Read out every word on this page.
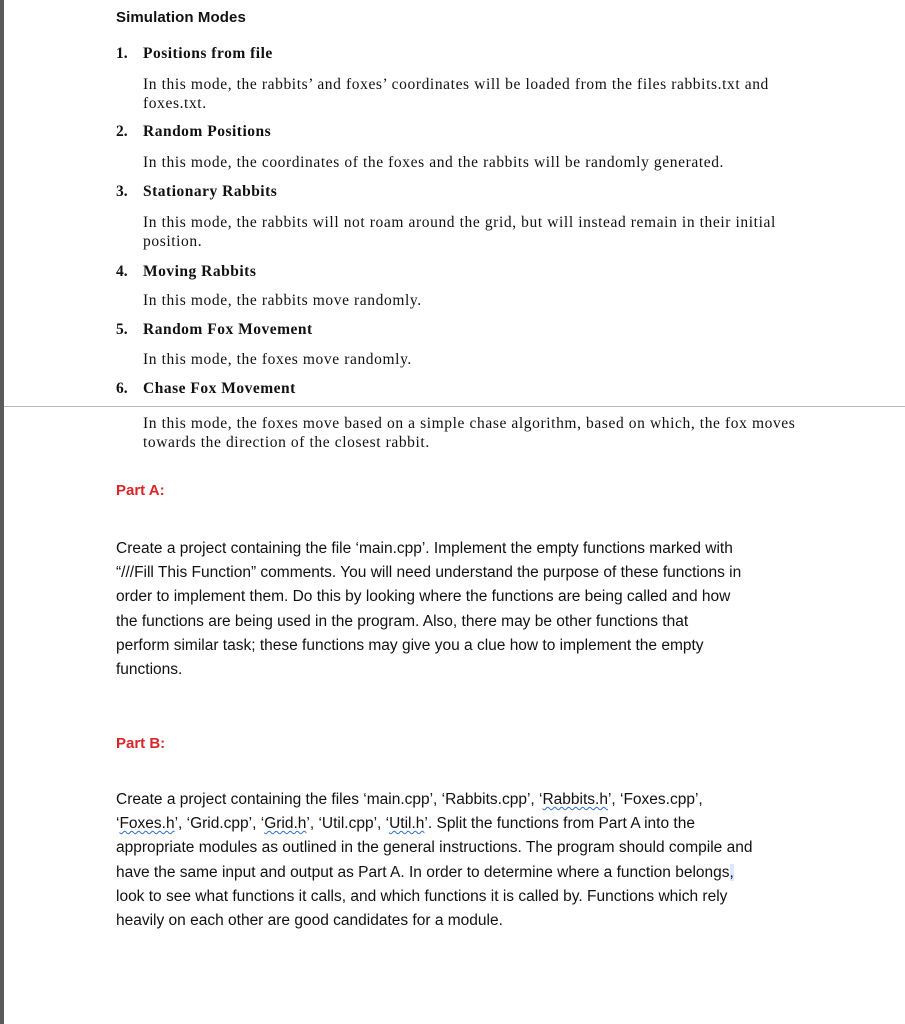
Simulation Modes
1. Positions from file
In this mode, the rabbits’ and foxes’ coordinates will be loaded from the files rabbits.txt and
foxes.txt.
2. Random Positions
In this mode, the coordinates of the foxes and the rabbits will be randomly generated.
3. Stationary Rabbits
In this mode, the rabbits will not roam around the grid, but will instead remain in their initial
position.
4. Moving Rabbits
In this mode, the rabbits move randomly.
5. Random Fox Movement
In this mode, the foxes move randomly.
6. Chase Fox Movement
In this mode, the foxes move based on a simple chase algorithm, based on which, the fox moves
towards the direction of the closest rabbit.
Part A:

Create a project containing the file ‘main.cpp’. Implement the empty functions marked with

“///Fill This Function” comments. You will need understand the purpose of these functions in

order to implement them. Do this by looking where the functions are being called and how

the functions are being used in the program. Also, there may be other functions that

perform similar task; these functions may give you a clue how to implement the empty

functions.

Part B:

Create a project containing the files ‘main.cpp’, ‘Rabbits.cpp’, ‘Rabbits.h’, ‘Foxes.cpp’,

‘Foxes.h’, ‘Grid.cpp’, ‘Grid.h’, ‘Util.cpp’, ‘Util.h’. Split the functions from Part A into the

appropriate modules as outlined in the general instructions. The program should compile and

have the same input and output as Part A. In order to determine where a function belongs,

look to see what functions it calls, and which functions it is called by. Functions which rely

heavily on each other are good candidates for a module.
